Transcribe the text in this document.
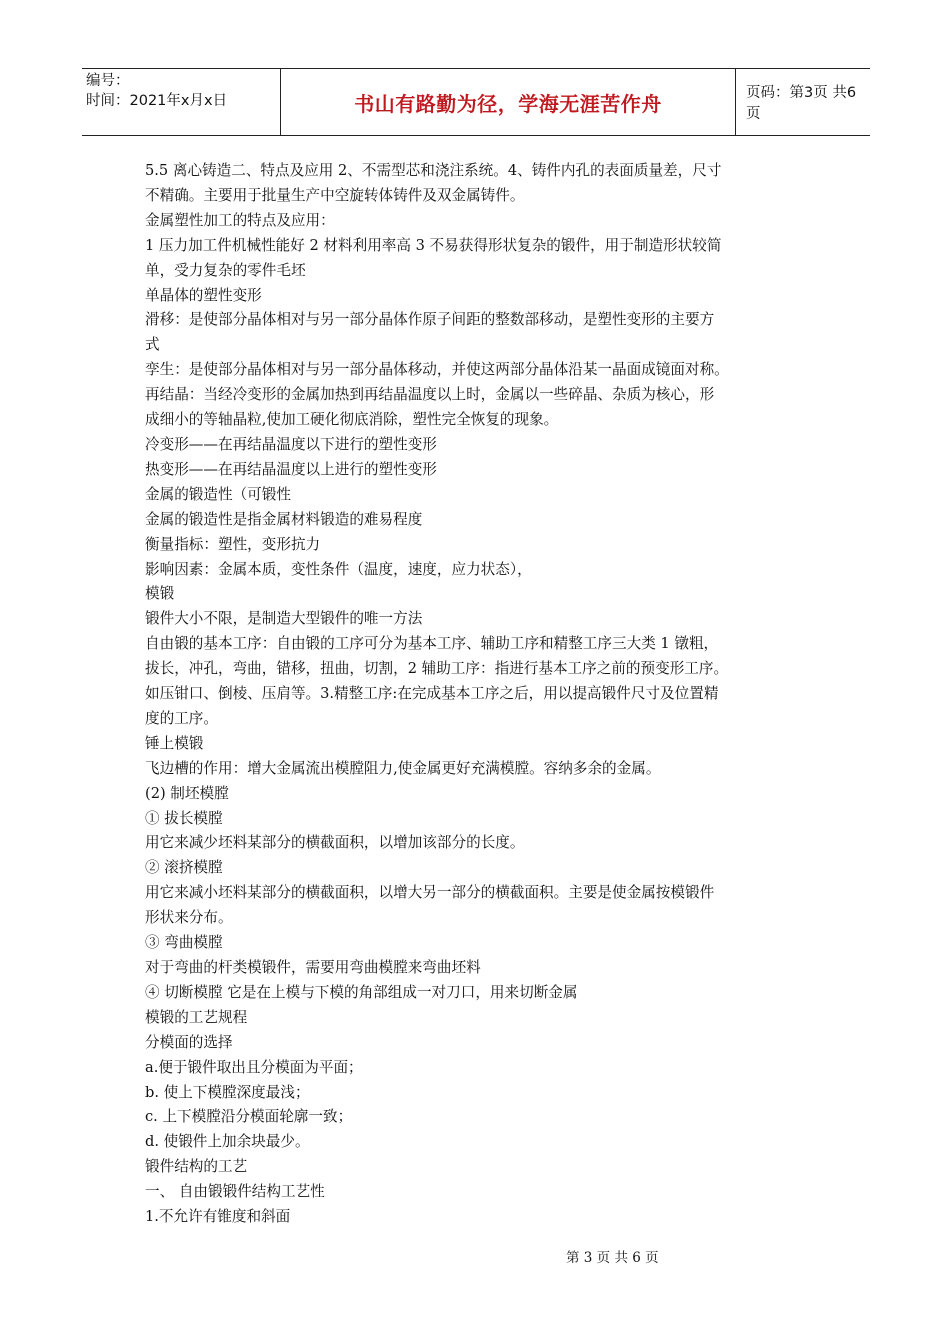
编号：
时间：2021年x月x日	书山有路勤为径，学海无涯苦作舟	页码：第3页 共6页
5.5 离心铸造二、特点及应用 2、不需型芯和浇注系统。4、铸件内孔的表面质量差，尺寸
不精确。主要用于批量生产中空旋转体铸件及双金属铸件。
金属塑性加工的特点及应用：
1 压力加工件机械性能好 2 材料利用率高 3 不易获得形状复杂的锻件，用于制造形状较简
单，受力复杂的零件毛坯
单晶体的塑性变形
滑移：是使部分晶体相对与另一部分晶体作原子间距的整数部移动，是塑性变形的主要方
式
孪生：是使部分晶体相对与另一部分晶体移动，并使这两部分晶体沿某一晶面成镜面对称。
再结晶：当经冷变形的金属加热到再结晶温度以上时，金属以一些碎晶、杂质为核心，形
成细小的等轴晶粒,使加工硬化彻底消除，塑性完全恢复的现象。
冷变形——在再结晶温度以下进行的塑性变形
热变形——在再结晶温度以上进行的塑性变形
金属的锻造性（可锻性
金属的锻造性是指金属材料锻造的难易程度
衡量指标：塑性，变形抗力
影响因素：金属本质，变性条件（温度，速度，应力状态），
模锻
锻件大小不限，是制造大型锻件的唯一方法
自由锻的基本工序：自由锻的工序可分为基本工序、辅助工序和精整工序三大类 1 镦粗，
拔长，冲孔，弯曲，错移，扭曲，切割，2 辅助工序：指进行基本工序之前的预变形工序。
如压钳口、倒棱、压肩等。3.精整工序:在完成基本工序之后，用以提高锻件尺寸及位置精
度的工序。
锤上模锻
飞边槽的作用：增大金属流出模膛阻力,使金属更好充满模膛。容纳多余的金属。
(2) 制坯模膛
① 拔长模膛
用它来减少坯料某部分的横截面积，以增加该部分的长度。
② 滚挤模膛
用它来减小坯料某部分的横截面积，以增大另一部分的横截面积。主要是使金属按模锻件
形状来分布。
③ 弯曲模膛
对于弯曲的杆类模锻件，需要用弯曲模膛来弯曲坯料
④ 切断模膛 它是在上模与下模的角部组成一对刀口，用来切断金属
模锻的工艺规程
分模面的选择
a.便于锻件取出且分模面为平面；
b. 使上下模膛深度最浅；
c. 上下模膛沿分模面轮廓一致；
d. 使锻件上加余块最少。
锻件结构的工艺
一、 自由锻锻件结构工艺性
1.不允许有锥度和斜面
第 3 页 共 6 页
